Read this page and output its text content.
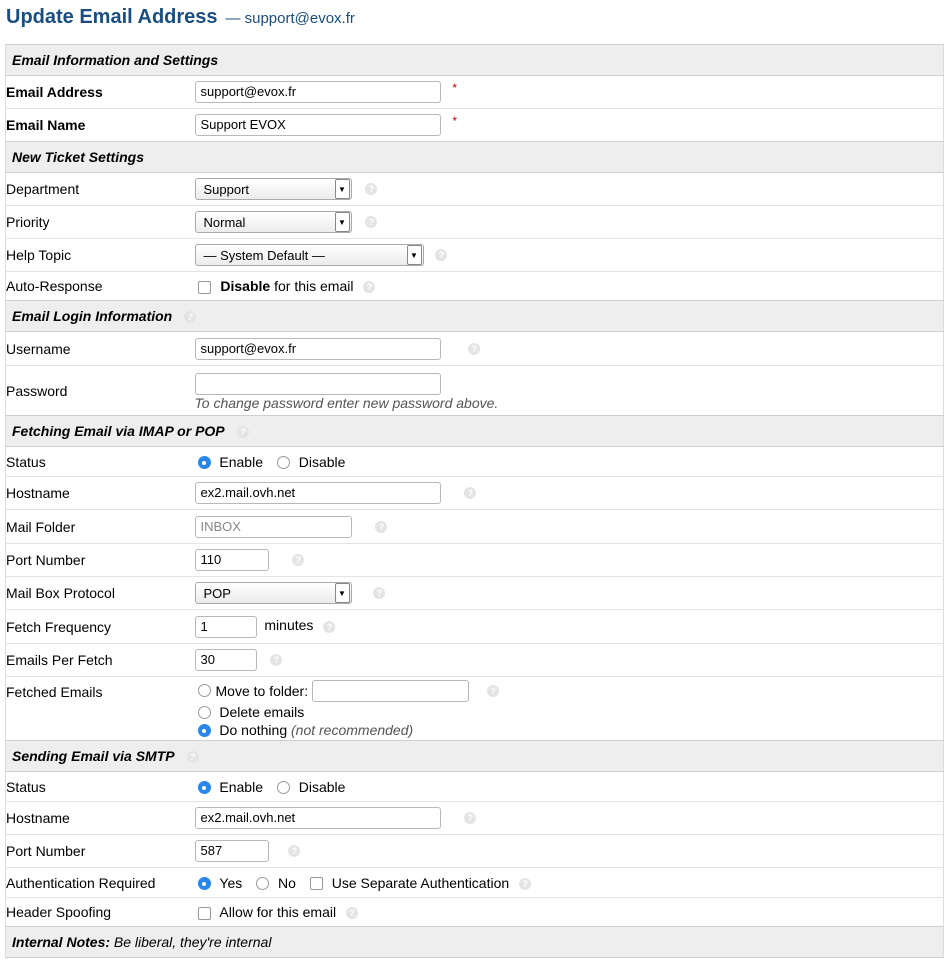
Update Email Address — support@evox.fr
Email Information and Settings	
Email Address	support@evox.fr *
Email Name	Support EVOX *
New Ticket Settings	
Department	Support ▼ ?
Priority	Normal ▼ ?
Help Topic	— System Default — ▼ ?
Auto-Response	Disable for this email ?
Email Login Information ?	
Username	support@evox.fr ?
Password	To change password enter new password above.

Fetching Email via IMAP or POP ?	
Status	Enable Disable
Hostname	ex2.mail.ovh.net ?
Mail Folder	INBOX ?
Port Number	110 ?
Mail Box Protocol	POP ▼ ?
Fetch Frequency	1 minutes ?
Emails Per Fetch	30 ?
Fetched Emails	Move to folder: ?
Delete emails
Do nothing (not recommended)

Sending Email via SMTP ?	
Status	Enable Disable
Hostname	ex2.mail.ovh.net ?
Port Number	587 ?
Authentication Required	Yes No Use Separate Authentication ?
Header Spoofing	Allow for this email ?
Internal Notes: Be liberal, they're internal	
